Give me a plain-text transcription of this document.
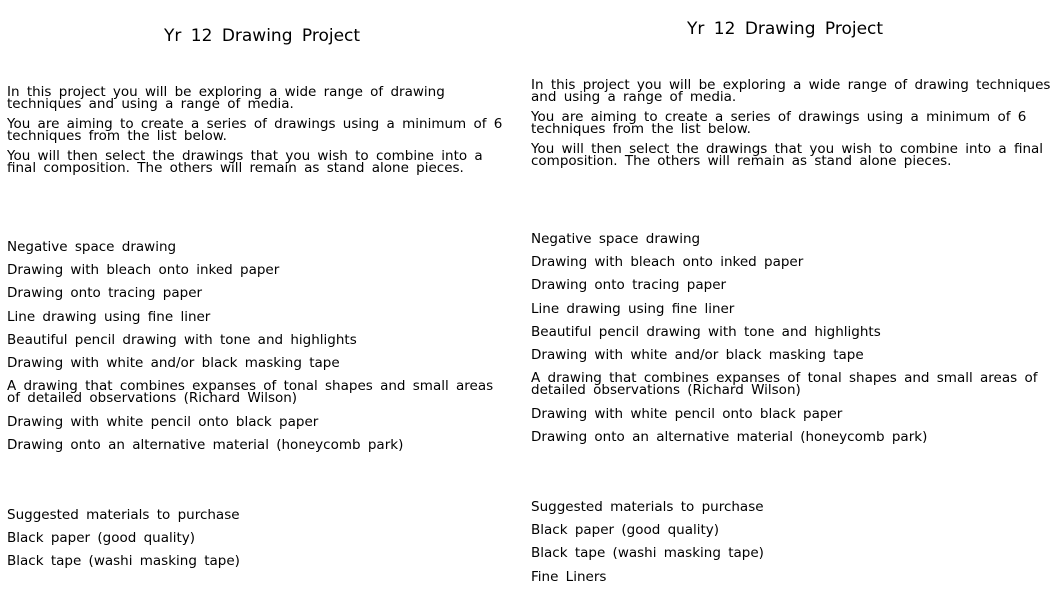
Yr 12 Drawing Project

In this project you will be exploring a wide range of drawing techniques and using a range of media.

You are aiming to create a series of drawings using a minimum of 6 techniques from the list below.

You will then select the drawings that you wish to combine into a final composition. The others will remain as stand alone pieces.

Negative space drawing
Drawing with bleach onto inked paper
Drawing onto tracing paper
Line drawing using fine liner
Beautiful pencil drawing with tone and highlights
Drawing with white and/or black masking tape
A drawing that combines expanses of tonal shapes and small areas of detailed observations (Richard Wilson)
Drawing with white pencil onto black paper
Drawing onto an alternative material (honeycomb park)
Suggested materials to purchase
Black paper (good quality)
Black tape (washi masking tape)
Yr 12 Drawing Project

In this project you will be exploring a wide range of drawing techniques and using a range of media.

You are aiming to create a series of drawings using a minimum of 6 techniques from the list below.

You will then select the drawings that you wish to combine into a final composition. The others will remain as stand alone pieces.

Negative space drawing
Drawing with bleach onto inked paper
Drawing onto tracing paper
Line drawing using fine liner
Beautiful pencil drawing with tone and highlights
Drawing with white and/or black masking tape
A drawing that combines expanses of tonal shapes and small areas of detailed observations (Richard Wilson)
Drawing with white pencil onto black paper
Drawing onto an alternative material (honeycomb park)
Suggested materials to purchase
Black paper (good quality)
Black tape (washi masking tape)
Fine Liners
